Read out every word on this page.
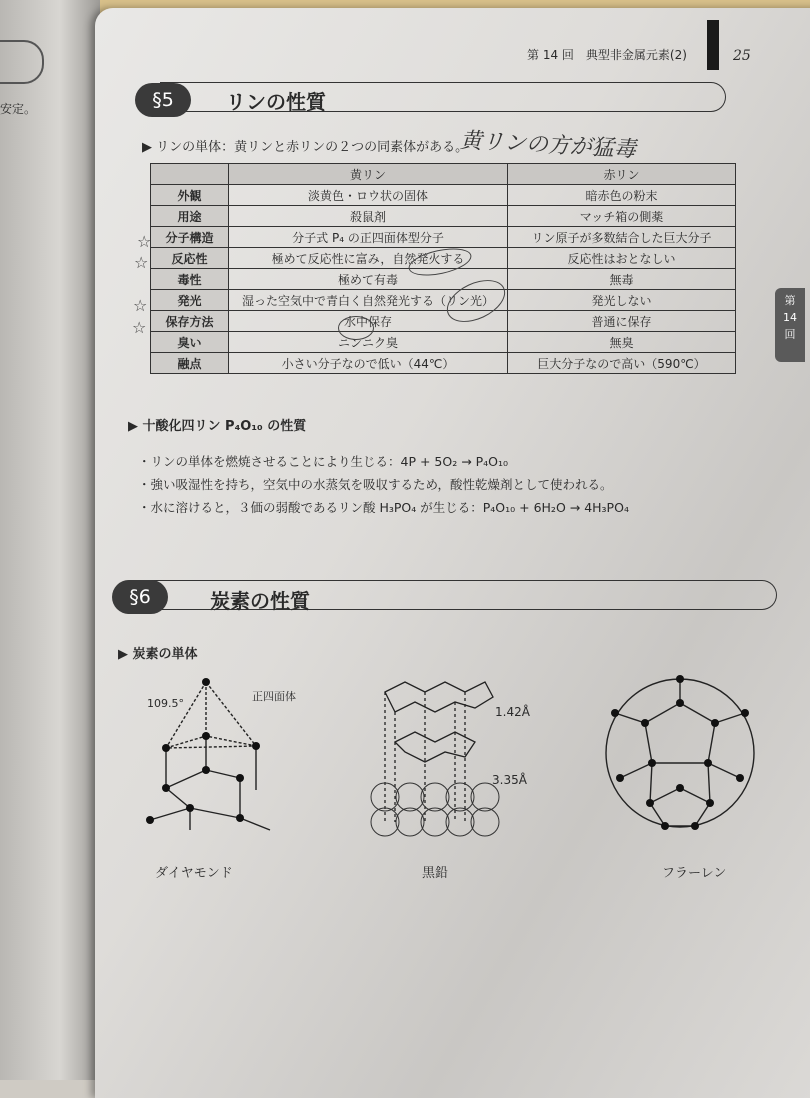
安定。
第 14 回　典型非金属元素(2)	25
第
14
回
§5	リンの性質
▶ リンの単体：黄リンと赤リンの２つの同素体がある。
黄リンの方が猛毒
	黄リン	赤リン
外観	淡黄色・ロウ状の固体	暗赤色の粉末
用途	殺鼠剤	マッチ箱の側薬
分子構造	分子式 P₄ の正四面体型分子	リン原子が多数結合した巨大分子
反応性	極めて反応性に富み，自然発火する	反応性はおとなしい
毒性	極めて有毒	無毒
発光	湿った空気中で青白く自然発光する（リン光）	発光しない
保存方法	水中保存	普通に保存
臭い	ニンニク臭	無臭
融点	小さい分子なので低い（44℃）	巨大分子なので高い（590℃）
☆
☆
☆
☆
▶ 十酸化四リン P₄O₁₀ の性質
・リンの単体を燃焼させることにより生じる：4P + 5O₂ → P₄O₁₀
・強い吸湿性を持ち，空気中の水蒸気を吸収するため，酸性乾燥剤として使われる。
・水に溶けると，３価の弱酸であるリン酸 H₃PO₄ が生じる：P₄O₁₀ + 6H₂O → 4H₃PO₄
§6	炭素の性質
▶ 炭素の単体
109.5°
正四面体
ダイヤモンド
1.42Å
3.35Å
黒鉛	フラーレン
